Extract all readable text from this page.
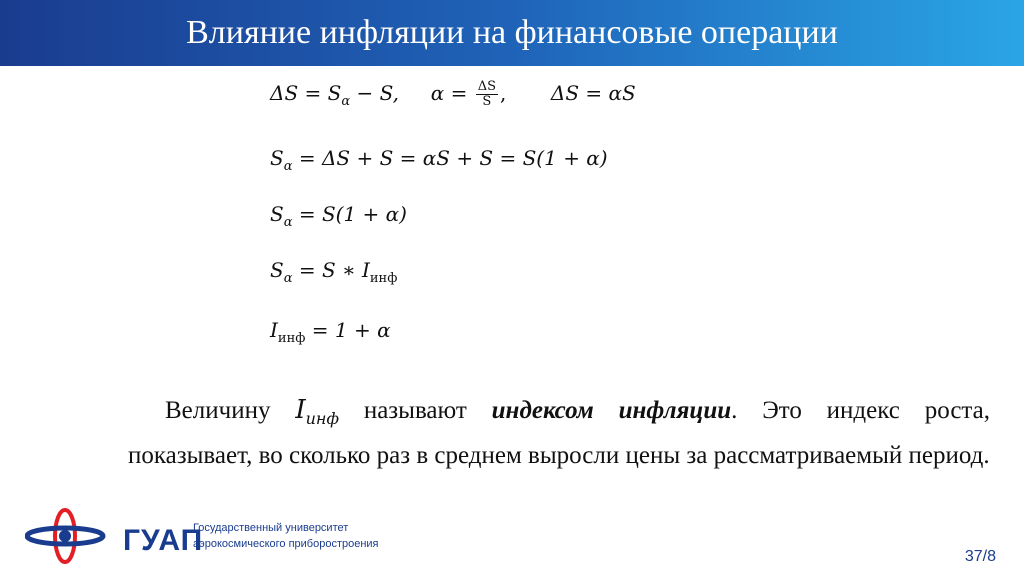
Влияние инфляции на финансовые операции
$\Delta S = S_\alpha - S$, $\alpha = \frac{\Delta S}{S}$ , ΔS = αS
$S_\alpha = \Delta S + S = \alpha S + S = S(1 + \alpha)$
$S_\alpha = S(1 + \alpha)$
$S_\alpha = S$ ∗ $I_{инф}$
$I_{инф} = 1 + \alpha$
Величину $I_{инф}$ называют индексом инфляции. Это индекс роста, показывает, во сколько раз в среднем выросли цены за рассматриваемый период.
ГУАП
Государственный университет
аэрокосмического приборостроения
37/8
